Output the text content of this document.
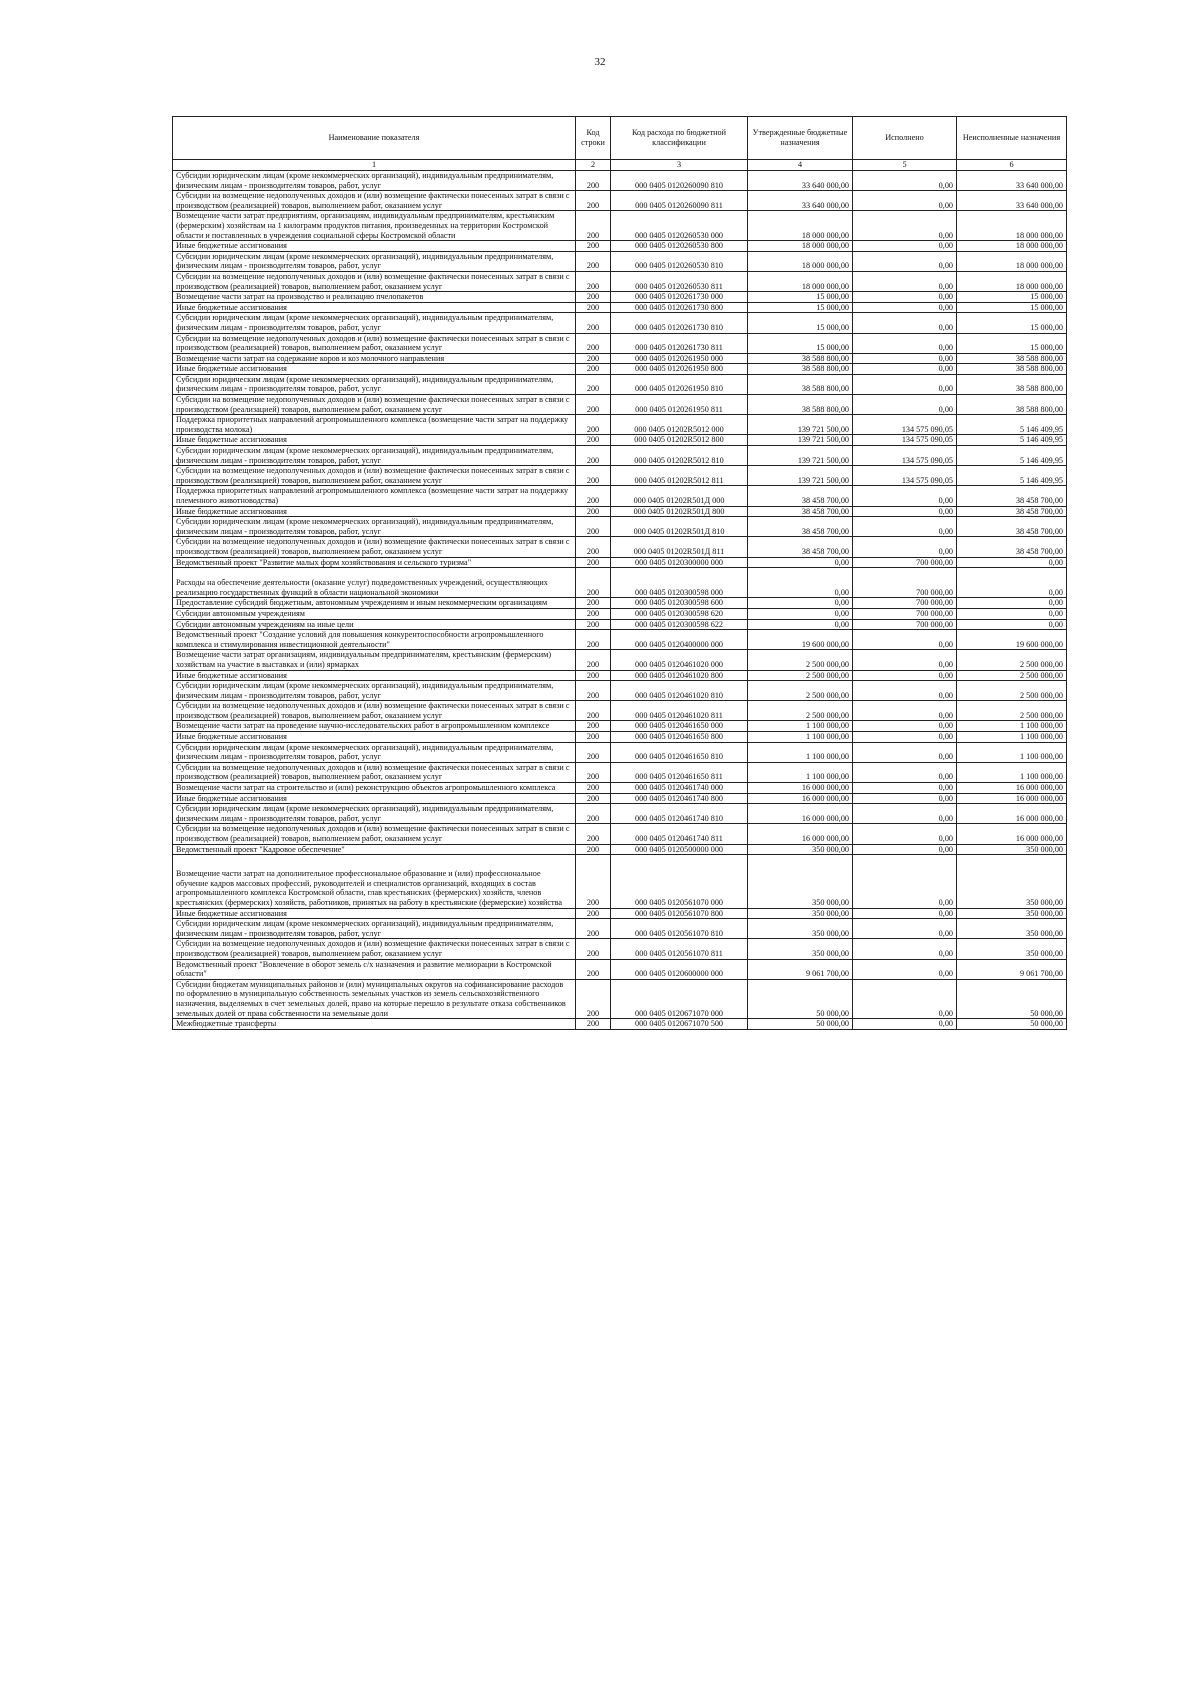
32
Наименование показателя	Код строки	Код расхода по бюджетной классификации	Утвержденные бюджетные назначения	Исполнено	Неисполненные назначения
1	2	3	4	5	6
Субсидии юридическим лицам (кроме некоммерческих организаций), индивидуальным предпринимателям, физическим лицам - производителям товаров, работ, услуг	200	000 0405 0120260090 810	33 640 000,00	0,00	33 640 000,00
Субсидии на возмещение недополученных доходов и (или) возмещение фактически понесенных затрат в связи с производством (реализацией) товаров, выполнением работ, оказанием услуг	200	000 0405 0120260090 811	33 640 000,00	0,00	33 640 000,00
Возмещение части затрат предприятиям, организациям, индивидуальным предпринимателям, крестьянским (фермерским) хозяйствам на 1 килограмм продуктов питания, произведенных на территории Костромской области и поставленных в учреждения социальной сферы Костромской области	200	000 0405 0120260530 000	18 000 000,00	0,00	18 000 000,00
Иные бюджетные ассигнования	200	000 0405 0120260530 800	18 000 000,00	0,00	18 000 000,00
Субсидии юридическим лицам (кроме некоммерческих организаций), индивидуальным предпринимателям, физическим лицам - производителям товаров, работ, услуг	200	000 0405 0120260530 810	18 000 000,00	0,00	18 000 000,00
Субсидии на возмещение недополученных доходов и (или) возмещение фактически понесенных затрат в связи с производством (реализацией) товаров, выполнением работ, оказанием услуг	200	000 0405 0120260530 811	18 000 000,00	0,00	18 000 000,00
Возмещение части затрат на производство и реализацию пчелопакетов	200	000 0405 0120261730 000	15 000,00	0,00	15 000,00
Иные бюджетные ассигнования	200	000 0405 0120261730 800	15 000,00	0,00	15 000,00
Субсидии юридическим лицам (кроме некоммерческих организаций), индивидуальным предпринимателям, физическим лицам - производителям товаров, работ, услуг	200	000 0405 0120261730 810	15 000,00	0,00	15 000,00
Субсидии на возмещение недополученных доходов и (или) возмещение фактически понесенных затрат в связи с производством (реализацией) товаров, выполнением работ, оказанием услуг	200	000 0405 0120261730 811	15 000,00	0,00	15 000,00
Возмещение части затрат на содержание коров и коз молочного направления	200	000 0405 0120261950 000	38 588 800,00	0,00	38 588 800,00
Иные бюджетные ассигнования	200	000 0405 0120261950 800	38 588 800,00	0,00	38 588 800,00
Субсидии юридическим лицам (кроме некоммерческих организаций), индивидуальным предпринимателям, физическим лицам - производителям товаров, работ, услуг	200	000 0405 0120261950 810	38 588 800,00	0,00	38 588 800,00
Субсидии на возмещение недополученных доходов и (или) возмещение фактически понесенных затрат в связи с производством (реализацией) товаров, выполнением работ, оказанием услуг	200	000 0405 0120261950 811	38 588 800,00	0,00	38 588 800,00
Поддержка приоритетных направлений агропромышленного комплекса (возмещение части затрат на поддержку производства молока)	200	000 0405 01202R5012 000	139 721 500,00	134 575 090,05	5 146 409,95
Иные бюджетные ассигнования	200	000 0405 01202R5012 800	139 721 500,00	134 575 090,05	5 146 409,95
Субсидии юридическим лицам (кроме некоммерческих организаций), индивидуальным предпринимателям, физическим лицам - производителям товаров, работ, услуг	200	000 0405 01202R5012 810	139 721 500,00	134 575 090,05	5 146 409,95
Субсидии на возмещение недополученных доходов и (или) возмещение фактически понесенных затрат в связи с производством (реализацией) товаров, выполнением работ, оказанием услуг	200	000 0405 01202R5012 811	139 721 500,00	134 575 090,05	5 146 409,95
Поддержка приоритетных направлений агропромышленного комплекса (возмещение части затрат на поддержку племенного животноводства)	200	000 0405 01202R501Д 000	38 458 700,00	0,00	38 458 700,00
Иные бюджетные ассигнования	200	000 0405 01202R501Д 800	38 458 700,00	0,00	38 458 700,00
Субсидии юридическим лицам (кроме некоммерческих организаций), индивидуальным предпринимателям, физическим лицам - производителям товаров, работ, услуг	200	000 0405 01202R501Д 810	38 458 700,00	0,00	38 458 700,00
Субсидии на возмещение недополученных доходов и (или) возмещение фактически понесенных затрат в связи с производством (реализацией) товаров, выполнением работ, оказанием услуг	200	000 0405 01202R501Д 811	38 458 700,00	0,00	38 458 700,00
Ведомственный проект "Развитие малых форм хозяйствования и сельского туризма"	200	000 0405 0120300000 000	0,00	700 000,00	0,00
Расходы на обеспечение деятельности (оказание услуг) подведомственных учреждений, осуществляющих реализацию государственных функций в области национальной экономики	200	000 0405 0120300598 000	0,00	700 000,00	0,00
Предоставление субсидий бюджетным, автономным учреждениям и иным некоммерческим организациям	200	000 0405 0120300598 600	0,00	700 000,00	0,00
Субсидии автономным учреждениям	200	000 0405 0120300598 620	0,00	700 000,00	0,00
Субсидии автономным учреждениям на иные цели	200	000 0405 0120300598 622	0,00	700 000,00	0,00
Ведомственный проект "Создание условий для повышения конкурентоспособности агропромышленного комплекса и стимулирования инвестиционной деятельности"	200	000 0405 0120400000 000	19 600 000,00	0,00	19 600 000,00
Возмещение части затрат организациям, индивидуальным предпринимателям, крестьянским (фермерским) хозяйствам на участие в выставках и (или) ярмарках	200	000 0405 0120461020 000	2 500 000,00	0,00	2 500 000,00
Иные бюджетные ассигнования	200	000 0405 0120461020 800	2 500 000,00	0,00	2 500 000,00
Субсидии юридическим лицам (кроме некоммерческих организаций), индивидуальным предпринимателям, физическим лицам - производителям товаров, работ, услуг	200	000 0405 0120461020 810	2 500 000,00	0,00	2 500 000,00
Субсидии на возмещение недополученных доходов и (или) возмещение фактически понесенных затрат в связи с производством (реализацией) товаров, выполнением работ, оказанием услуг	200	000 0405 0120461020 811	2 500 000,00	0,00	2 500 000,00
Возмещение части затрат на проведение научно-исследовательских работ в агропромышленном комплексе	200	000 0405 0120461650 000	1 100 000,00	0,00	1 100 000,00
Иные бюджетные ассигнования	200	000 0405 0120461650 800	1 100 000,00	0,00	1 100 000,00
Субсидии юридическим лицам (кроме некоммерческих организаций), индивидуальным предпринимателям, физическим лицам - производителям товаров, работ, услуг	200	000 0405 0120461650 810	1 100 000,00	0,00	1 100 000,00
Субсидии на возмещение недополученных доходов и (или) возмещение фактически понесенных затрат в связи с производством (реализацией) товаров, выполнением работ, оказанием услуг	200	000 0405 0120461650 811	1 100 000,00	0,00	1 100 000,00
Возмещение части затрат на строительство и (или) реконструкцию объектов агропромышленного комплекса	200	000 0405 0120461740 000	16 000 000,00	0,00	16 000 000,00
Иные бюджетные ассигнования	200	000 0405 0120461740 800	16 000 000,00	0,00	16 000 000,00
Субсидии юридическим лицам (кроме некоммерческих организаций), индивидуальным предпринимателям, физическим лицам - производителям товаров, работ, услуг	200	000 0405 0120461740 810	16 000 000,00	0,00	16 000 000,00
Субсидии на возмещение недополученных доходов и (или) возмещение фактически понесенных затрат в связи с производством (реализацией) товаров, выполнением работ, оказанием услуг	200	000 0405 0120461740 811	16 000 000,00	0,00	16 000 000,00
Ведомственный проект "Кадровое обеспечение"	200	000 0405 0120500000 000	350 000,00	0,00	350 000,00
Возмещение части затрат на дополнительное профессиональное образование и (или) профессиональное обучение кадров массовых профессий, руководителей и специалистов организаций, входящих в состав агропромышленного комплекса Костромской области, глав крестьянских (фермерских) хозяйств, членов крестьянских (фермерских) хозяйств, работников, принятых на работу в крестьянские (фермерские) хозяйства	200	000 0405 0120561070 000	350 000,00	0,00	350 000,00
Иные бюджетные ассигнования	200	000 0405 0120561070 800	350 000,00	0,00	350 000,00
Субсидии юридическим лицам (кроме некоммерческих организаций), индивидуальным предпринимателям, физическим лицам - производителям товаров, работ, услуг	200	000 0405 0120561070 810	350 000,00	0,00	350 000,00
Субсидии на возмещение недополученных доходов и (или) возмещение фактически понесенных затрат в связи с производством (реализацией) товаров, выполнением работ, оказанием услуг	200	000 0405 0120561070 811	350 000,00	0,00	350 000,00
Ведомственный проект "Вовлечение в оборот земель с/х назначения и развитие мелиорации в Костромской области"	200	000 0405 0120600000 000	9 061 700,00	0,00	9 061 700,00
Субсидии бюджетам муниципальных районов и (или) муниципальных округов на софинансирование расходов по оформлению в муниципальную собственность земельных участков из земель сельскохозяйственного назначения, выделяемых в счет земельных долей, право на которые перешло в результате отказа собственников земельных долей от права собственности на земельные доли	200	000 0405 0120671070 000	50 000,00	0,00	50 000,00
Межбюджетные трансферты	200	000 0405 0120671070 500	50 000,00	0,00	50 000,00
